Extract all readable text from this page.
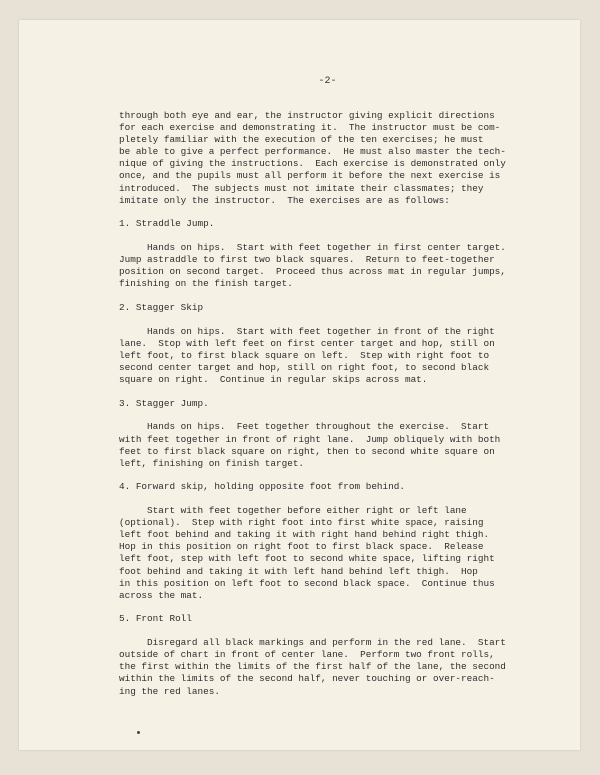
-2-
through both eye and ear, the instructor giving explicit directions
for each exercise and demonstrating it.  The instructor must be com-
pletely familiar with the execution of the ten exercises; he must
be able to give a perfect performance.  He must also master the tech-
nique of giving the instructions.  Each exercise is demonstrated only
once, and the pupils must all perform it before the next exercise is
introduced.  The subjects must not imitate their classmates; they
imitate only the instructor.  The exercises are as follows:
1. Straddle Jump.
Hands on hips.  Start with feet together in first center target.
Jump astraddle to first two black squares.  Return to feet-together
position on second target.  Proceed thus across mat in regular jumps,
finishing on the finish target.
2. Stagger Skip
Hands on hips.  Start with feet together in front of the right
lane.  Stop with left feet on first center target and hop, still on
left foot, to first black square on left.  Step with right foot to
second center target and hop, still on right foot, to second black
square on right.  Continue in regular skips across mat.
3. Stagger Jump.
Hands on hips.  Feet together throughout the exercise.  Start
with feet together in front of right lane.  Jump obliquely with both
feet to first black square on right, then to second white square on
left, finishing on finish target.
4. Forward skip, holding opposite foot from behind.
Start with feet together before either right or left lane
(optional).  Step with right foot into first white space, raising
left foot behind and taking it with right hand behind right thigh.
Hop in this position on right foot to first black space.  Release
left foot, step with left foot to second white space, lifting right
foot behind and taking it with left hand behind left thigh.  Hop
in this position on left foot to second black space.  Continue thus
across the mat.
5. Front Roll
Disregard all black markings and perform in the red lane.  Start
outside of chart in front of center lane.  Perform two front rolls,
the first within the limits of the first half of the lane, the second
within the limits of the second half, never touching or over-reach-
ing the red lanes.
